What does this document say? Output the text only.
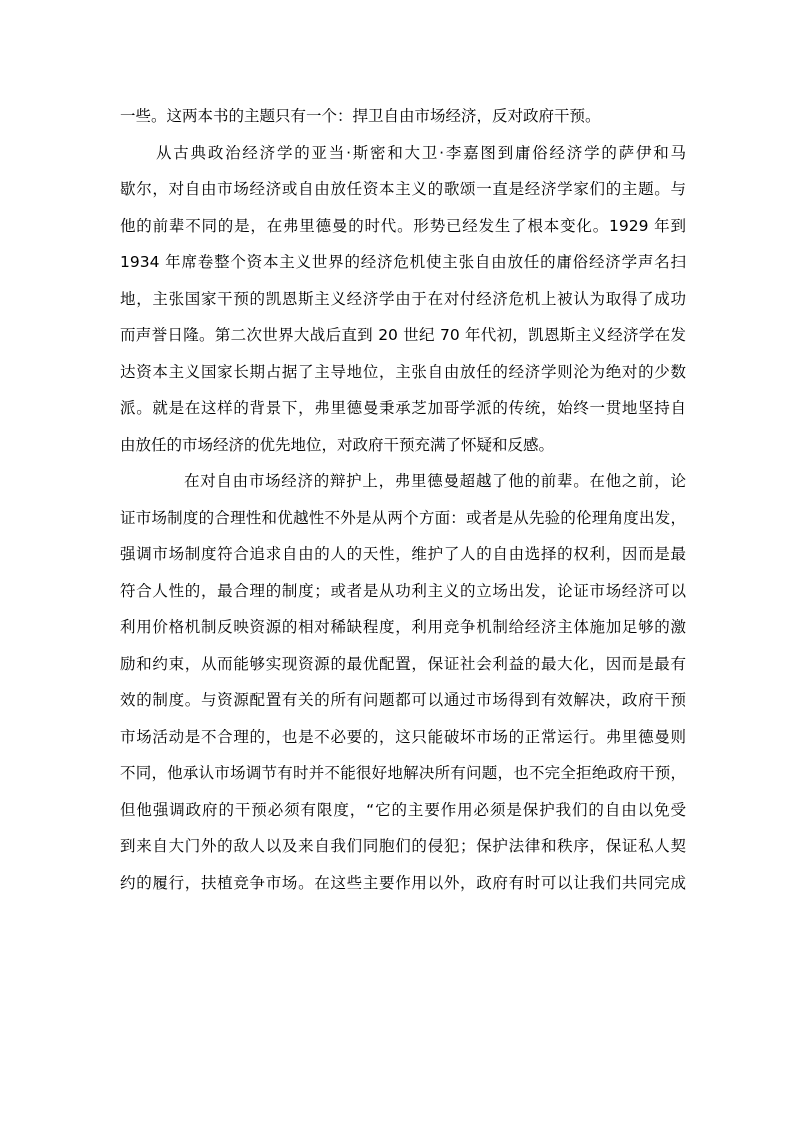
一些。这两本书的主题只有一个：捍卫自由市场经济，反对政府干预。
从古典政治经济学的亚当·斯密和大卫·李嘉图到庸俗经济学的萨伊和马
歇尔，对自由市场经济或自由放任资本主义的歌颂一直是经济学家们的主题。与
他的前辈不同的是，在弗里德曼的时代。形势已经发生了根本变化。1929 年到
1934 年席卷整个资本主义世界的经济危机使主张自由放任的庸俗经济学声名扫
地，主张国家干预的凯恩斯主义经济学由于在对付经济危机上被认为取得了成功
而声誉日隆。第二次世界大战后直到 20 世纪 70 年代初，凯恩斯主义经济学在发
达资本主义国家长期占据了主导地位，主张自由放任的经济学则沦为绝对的少数
派。就是在这样的背景下，弗里德曼秉承芝加哥学派的传统，始终一贯地坚持自
由放任的市场经济的优先地位，对政府干预充满了怀疑和反感。
在对自由市场经济的辩护上，弗里德曼超越了他的前辈。在他之前，论
证市场制度的合理性和优越性不外是从两个方面：或者是从先验的伦理角度出发，
强调市场制度符合追求自由的人的天性，维护了人的自由选择的权利，因而是最
符合人性的，最合理的制度；或者是从功利主义的立场出发，论证市场经济可以
利用价格机制反映资源的相对稀缺程度，利用竞争机制给经济主体施加足够的激
励和约束，从而能够实现资源的最优配置，保证社会利益的最大化，因而是最有
效的制度。与资源配置有关的所有问题都可以通过市场得到有效解决，政府干预
市场活动是不合理的，也是不必要的，这只能破坏市场的正常运行。弗里德曼则
不同，他承认市场调节有时并不能很好地解决所有问题，也不完全拒绝政府干预，
但他强调政府的干预必须有限度，“它的主要作用必须是保护我们的自由以免受
到来自大门外的敌人以及来自我们同胞们的侵犯；保护法律和秩序，保证私人契
约的履行，扶植竞争市场。在这些主要作用以外，政府有时可以让我们共同完成
